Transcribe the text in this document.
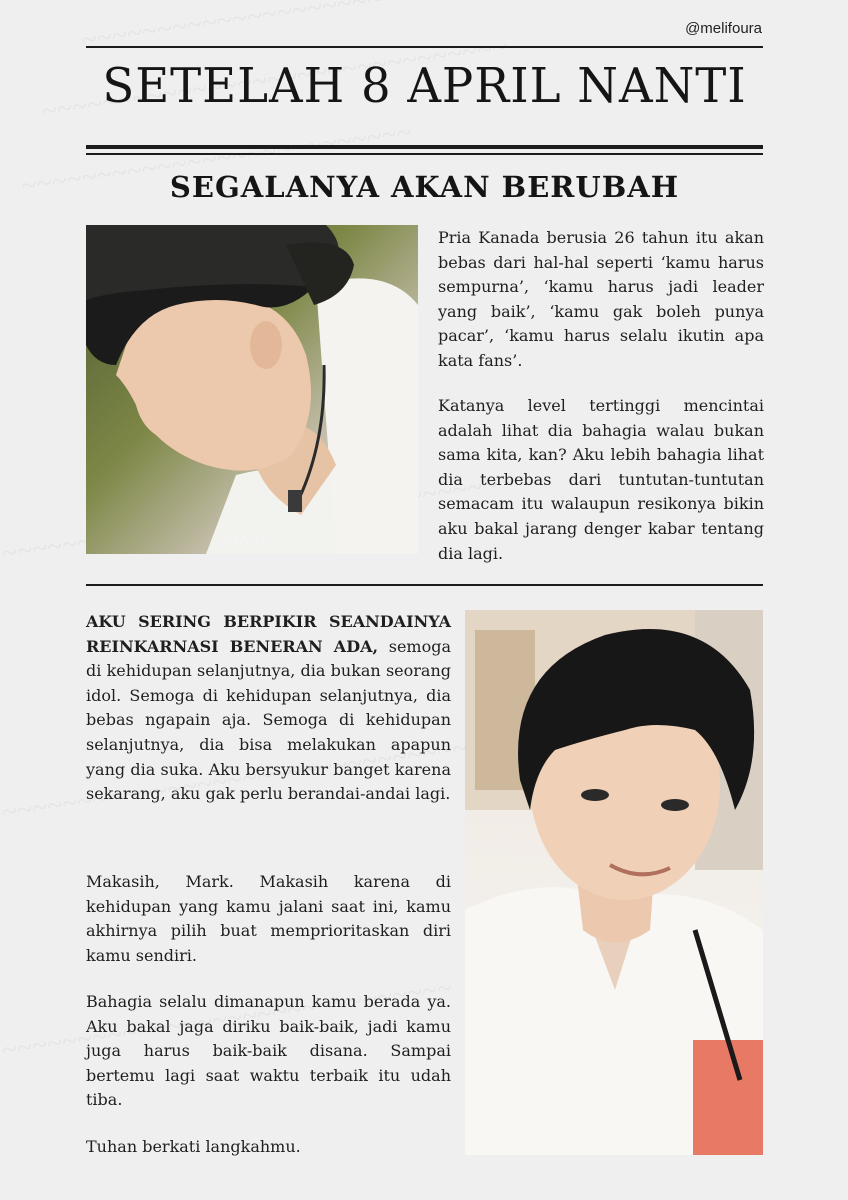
@melifoura
SETELAH 8 APRIL NANTI
SEGALANYA AKAN BERUBAH
MARK

Pria Kanada berusia 26 tahun itu akan bebas dari hal-hal seperti ‘kamu harus sempurna’, ‘kamu harus jadi leader yang baik’, ‘kamu gak boleh punya pacar’, ‘kamu harus selalu ikutin apa kata fans’.

Katanya level tertinggi mencintai adalah lihat dia bahagia walau bukan sama kita, kan? Aku lebih bahagia lihat dia terbebas dari tuntutan-tuntutan semacam itu walaupun resikonya bikin aku bakal jarang denger kabar tentang dia lagi.

AKU SERING BERPIKIR SEANDAINYA REINKARNASI BENERAN ADA, semoga di kehidupan selanjutnya, dia bukan seorang idol. Semoga di kehidupan selanjutnya, dia bebas ngapain aja. Semoga di kehidupan selanjutnya, dia bisa melakukan apapun yang dia suka. Aku bersyukur banget karena sekarang, aku gak perlu berandai-andai lagi.

Makasih, Mark. Makasih karena di kehidupan yang kamu jalani saat ini, kamu akhirnya pilih buat memprioritaskan diri kamu sendiri.

Bahagia selalu dimanapun kamu berada ya. Aku bakal jaga diriku baik-baik, jadi kamu juga harus baik-baik disana. Sampai bertemu lagi saat waktu terbaik itu udah tiba.

Tuhan berkati langkahmu.
